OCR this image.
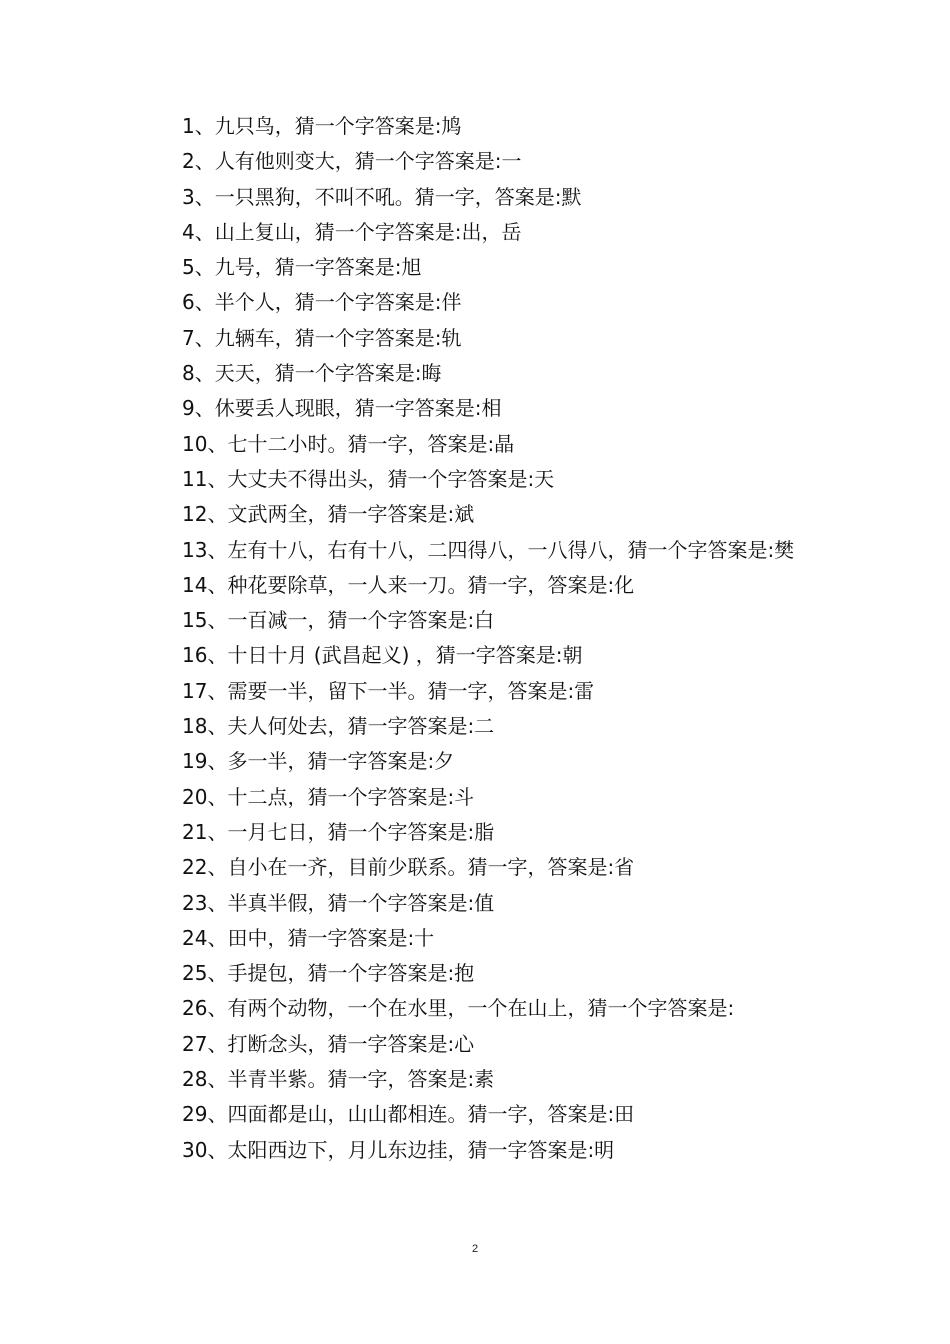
1、九只鸟，猜一个字答案是:鸠
2、人有他则变大，猜一个字答案是:一
3、一只黑狗，不叫不吼。猜一字，答案是:默
4、山上复山，猜一个字答案是:出，岳
5、九号，猜一字答案是:旭
6、半个人，猜一个字答案是:伴
7、九辆车，猜一个字答案是:轨
8、天天，猜一个字答案是:晦
9、休要丢人现眼，猜一字答案是:相
10、七十二小时。猜一字，答案是:晶
11、大丈夫不得出头，猜一个字答案是:天
12、文武两全，猜一字答案是:斌
13、左有十八，右有十八，二四得八，一八得八，猜一个字答案是:樊
14、种花要除草，一人来一刀。猜一字，答案是:化
15、一百减一，猜一个字答案是:白
16、十日十月 (武昌起义) ，猜一字答案是:朝
17、需要一半，留下一半。猜一字，答案是:雷
18、夫人何处去，猜一字答案是:二
19、多一半，猜一字答案是:夕
20、十二点，猜一个字答案是:斗
21、一月七日，猜一个字答案是:脂
22、自小在一齐，目前少联系。猜一字，答案是:省
23、半真半假，猜一个字答案是:值
24、田中，猜一字答案是:十
25、手提包，猜一个字答案是:抱
26、有两个动物，一个在水里，一个在山上，猜一个字答案是:
27、打断念头，猜一字答案是:心
28、半青半紫。猜一字，答案是:素
29、四面都是山，山山都相连。猜一字，答案是:田
30、太阳西边下，月儿东边挂，猜一字答案是:明
2
